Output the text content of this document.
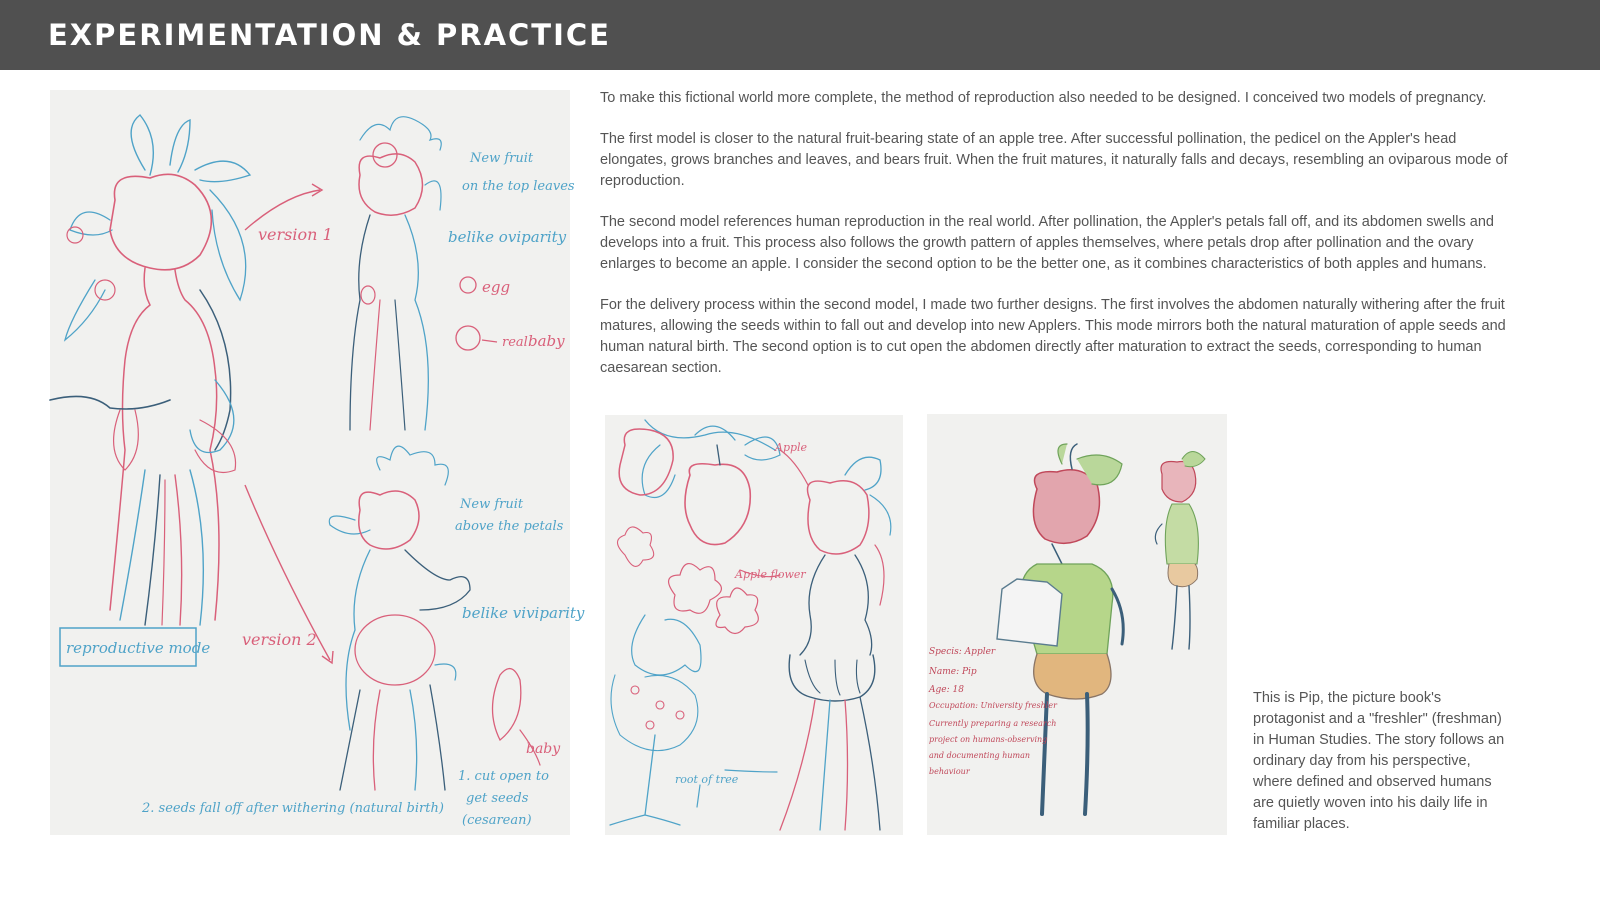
EXPERIMENTATION & PRACTICE
version 1
New fruit
on the top leaves
belike oviparity
egg
real baby
version 2
New fruit
above the petals
belike viviparity
baby
1. cut open to
get seeds
(cesarean)
2. seeds fall off after withering (natural birth)
reproductive mode

To make this fictional world more complete, the method of reproduction also needed to be designed. I conceived two models of pregnancy.

The first model is closer to the natural fruit-bearing state of an apple tree. After successful pollination, the pedicel on the Appler's head elongates, grows branches and leaves, and bears fruit. When the fruit matures, it naturally falls and decays, resembling an oviparous mode of reproduction.

The second model references human reproduction in the real world. After pollination, the Appler's petals fall off, and its abdomen swells and develops into a fruit. This process also follows the growth pattern of apples themselves, where petals drop after pollination and the ovary enlarges to become an apple. I consider the second option to be the better one, as it combines characteristics of both apples and humans.

For the delivery process within the second model, I made two further designs. The first involves the abdomen naturally withering after the fruit matures, allowing the seeds within to fall out and develop into new Applers. This mode mirrors both the natural maturation of apple seeds and human natural birth. The second option is to cut open the abdomen directly after maturation to extract the seeds, corresponding to human caesarean section.

Apple
Apple flower
root of tree
Specis: Appler
Name: Pip
Age: 18
Occupation: University freshler
Currently preparing a research
project on humans-observing
and documenting human
behaviour
This is Pip, the picture book's protagonist and a "freshler" (freshman) in Human Studies. The story follows an ordinary day from his perspective, where defined and observed humans are quietly woven into his daily life in familiar places.
